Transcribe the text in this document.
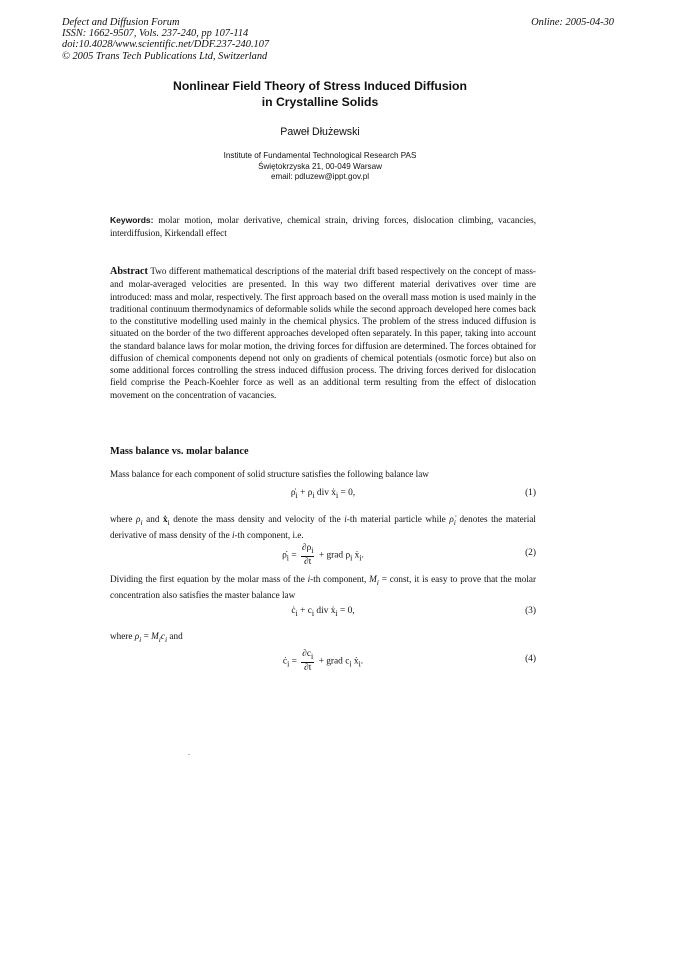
Defect and Diffusion Forum
ISSN: 1662-9507, Vols. 237-240, pp 107-114
doi:10.4028/www.scientific.net/DDF.237-240.107
© 2005 Trans Tech Publications Ltd, Switzerland
Online: 2005-04-30
Nonlinear Field Theory of Stress Induced Diffusion
in Crystalline Solids
Paweł Dłużewski
Institute of Fundamental Technological Research PAS
Świętokrzyska 21, 00-049 Warsaw
email: pdluzew@ippt.gov.pl
Keywords: molar motion, molar derivative, chemical strain, driving forces, dislocation climbing, vacancies, interdiffusion, Kirkendall effect
Abstract Two different mathematical descriptions of the material drift based respectively on the concept of mass- and molar-averaged velocities are presented. In this way two different material derivatives over time are introduced: mass and molar, respectively. The first approach based on the overall mass motion is used mainly in the traditional continuum thermodynamics of deformable solids while the second approach developed here comes back to the constitutive modelling used mainly in the chemical physics. The problem of the stress induced diffusion is situated on the border of the two different approaches developed often separately. In this paper, taking into account the standard balance laws for molar motion, the driving forces for diffusion are determined. The forces obtained for diffusion of chemical components depend not only on gradients of chemical potentials (osmotic force) but also on some additional forces controlling the stress induced diffusion process. The driving forces derived for dislocation field comprise the Peach-Koehler force as well as an additional term resulting from the effect of dislocation movement on the concentration of vacancies.
Mass balance vs. molar balance
Mass balance for each component of solid structure satisfies the following balance law
$\rhȯ_i + \rho_i$ div ẋ$_i$ = 0,	(1)
where $\rho_i$ and ẋ$_i$ denote the mass density and velocity of the i-th material particle while $\rhȯ_i$ denotes the material derivative of mass density of the i-th component, i.e.
$\rhȯ_i = \frac{\partial\rho_i}{\partial t}$ + grad $\rho_i$ ẋ$_i$.	(2)
Dividing the first equation by the molar mass of the i-th component, $M_i$ = const, it is easy to prove that the molar concentration also satisfies the master balance law
$ċ_i + c_i$ div ẋ$_i$ = 0,	(3)
where $\rho_i = M_ic_i$ and
$ċ_i = \frac{\partial c_i}{\partial t}$ + grad $c_i$ ẋ$_i$.	(4)
